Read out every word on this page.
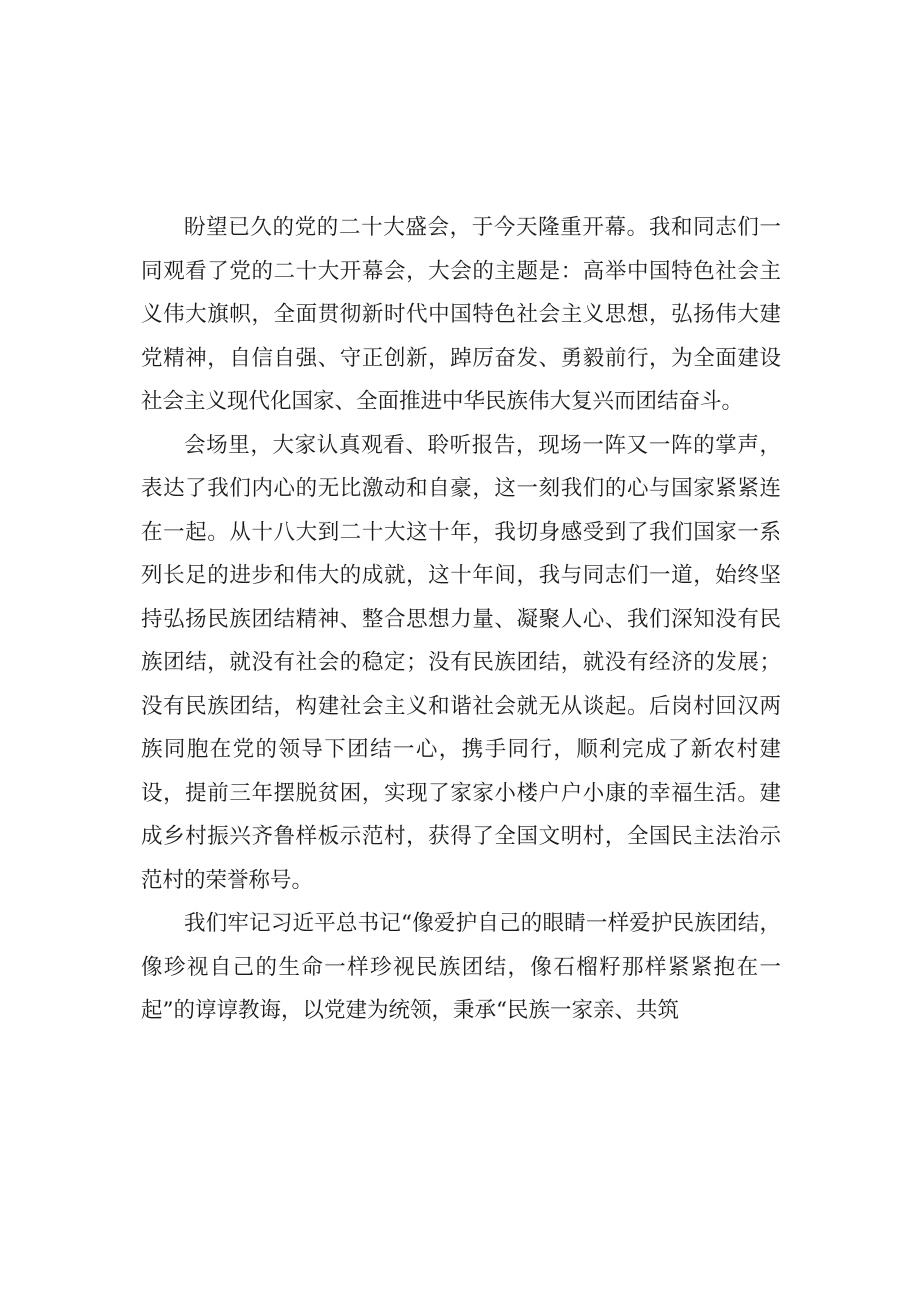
盼望已久的党的二十大盛会，于今天隆重开幕。我和同志们一同观看了党的二十大开幕会，大会的主题是：高举中国特色社会主义伟大旗帜，全面贯彻新时代中国特色社会主义思想，弘扬伟大建党精神，自信自强、守正创新，踔厉奋发、勇毅前行，为全面建设社会主义现代化国家、全面推进中华民族伟大复兴而团结奋斗。

会场里，大家认真观看、聆听报告，现场一阵又一阵的掌声，表达了我们内心的无比激动和自豪，这一刻我们的心与国家紧紧连在一起。从十八大到二十大这十年，我切身感受到了我们国家一系列长足的进步和伟大的成就，这十年间，我与同志们一道，始终坚持弘扬民族团结精神、整合思想力量、凝聚人心、我们深知没有民族团结，就没有社会的稳定；没有民族团结，就没有经济的发展；没有民族团结，构建社会主义和谐社会就无从谈起。后岗村回汉两族同胞在党的领导下团结一心，携手同行，顺利完成了新农村建设，提前三年摆脱贫困，实现了家家小楼户户小康的幸福生活。建成乡村振兴齐鲁样板示范村，获得了全国文明村，全国民主法治示范村的荣誉称号。

我们牢记习近平总书记“像爱护自己的眼睛一样爱护民族团结，像珍视自己的生命一样珍视民族团结，像石榴籽那样紧紧抱在一起”的谆谆教诲，以党建为统领，秉承“民族一家亲、共筑
